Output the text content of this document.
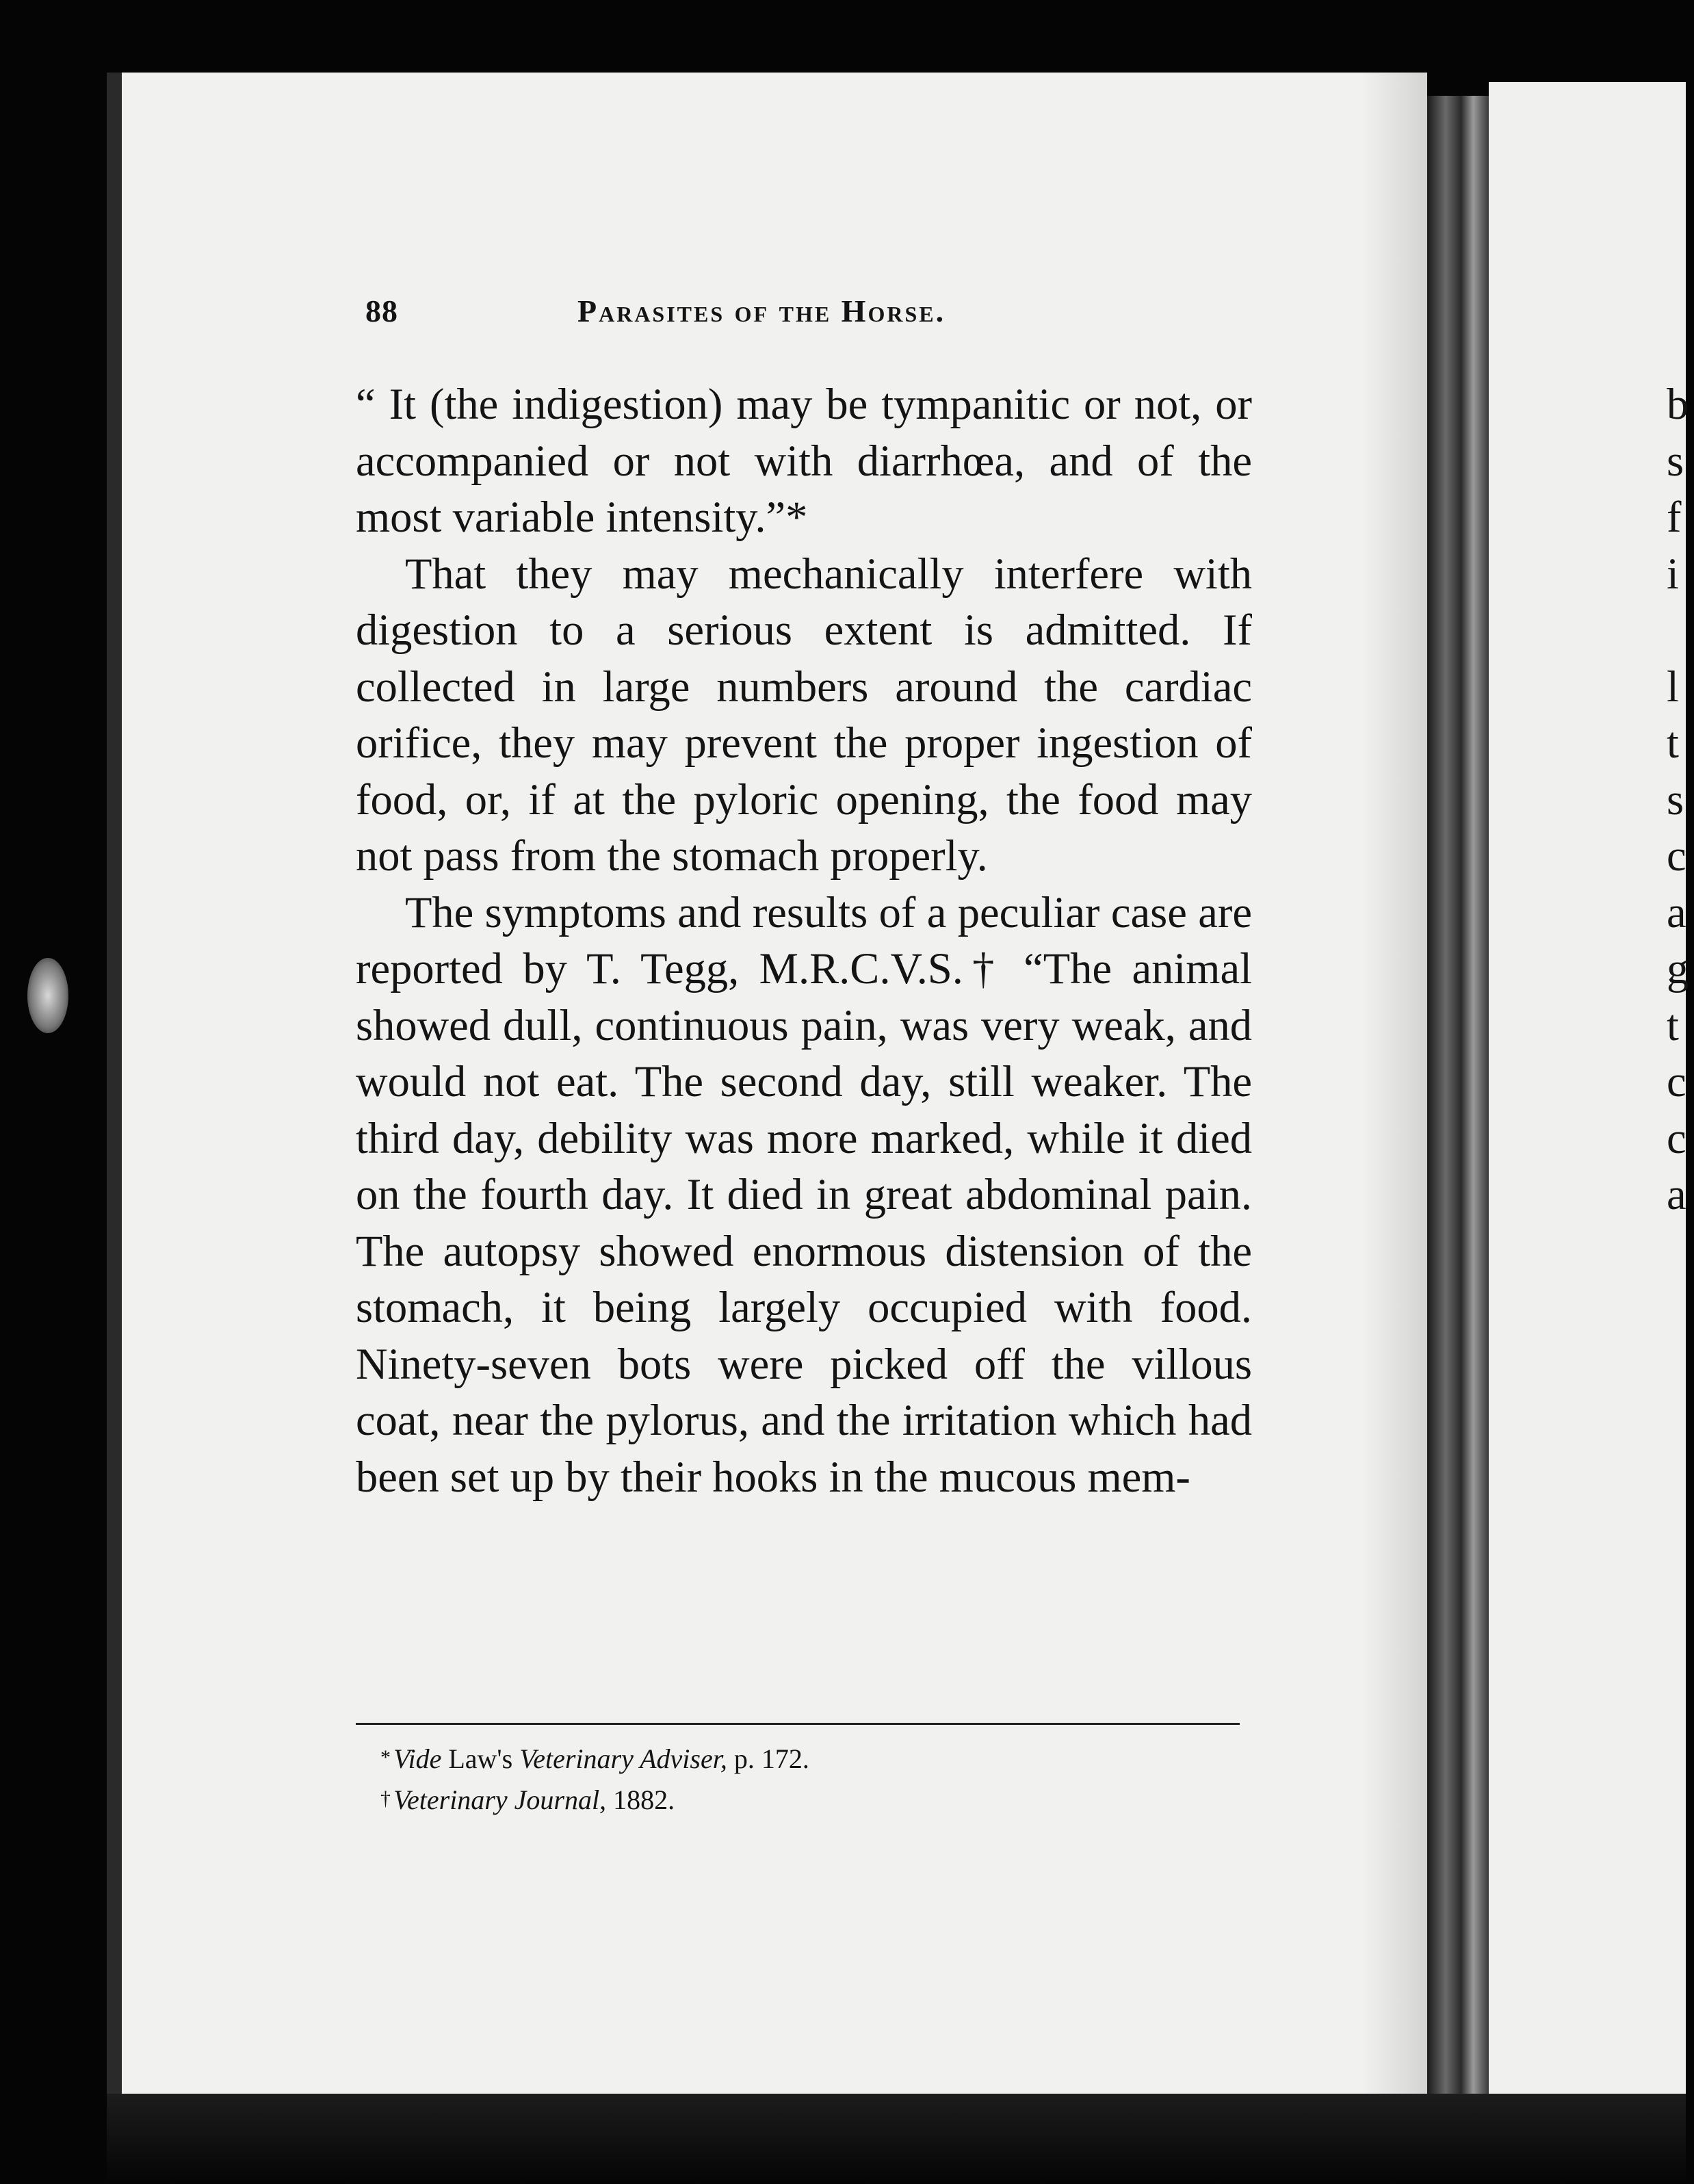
88	Parasites of the Horse.

“ It (the indigestion) may be tympanitic or not, or accompanied or not with diarrhœa, and of the most variable intensity.”*

That they may mechanically interfere with digestion to a serious extent is admitted. If collected in large numbers around the cardiac orifice, they may prevent the proper ingestion of food, or, if at the pyloric opening, the food may not pass from the stomach properly.

The symptoms and results of a peculiar case are reported by T. Tegg, M.R.C.V.S.† “The animal showed dull, continuous pain, was very weak, and would not eat. The second day, still weaker. The third day, debility was more marked, while it died on the fourth day. It died in great abdominal pain. The autopsy showed enormous distension of the stomach, it being largely occupied with food. Ninety-seven bots were picked off the villous coat, near the pylorus, and the irritation which had been set up by their hooks in the mucous mem-

* Vide Law's Veterinary Adviser, p. 172.
† Veterinary Journal, 1882.
b
s
f
i
l
t
s
c
a
g
t
c
c
a
